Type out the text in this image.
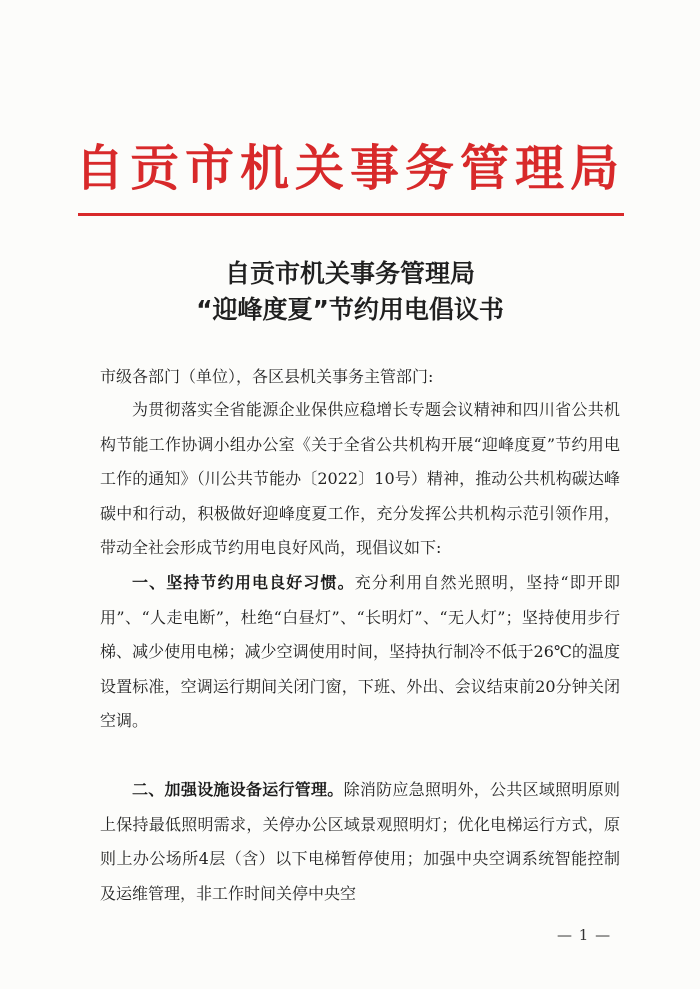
自贡市机关事务管理局
自贡市机关事务管理局
“迎峰度夏”节约用电倡议书
市级各部门（单位），各区县机关事务主管部门:
为贯彻落实全省能源企业保供应稳增长专题会议精神和四川省公共机构节能工作协调小组办公室《关于全省公共机构开展“迎峰度夏”节约用电工作的通知》（川公共节能办〔2022〕10号）精神，推动公共机构碳达峰碳中和行动，积极做好迎峰度夏工作，充分发挥公共机构示范引领作用，带动全社会形成节约用电良好风尚，现倡议如下:
一、坚持节约用电良好习惯。充分利用自然光照明，坚持“即开即用”、“人走电断”，杜绝“白昼灯”、“长明灯”、“无人灯”；坚持使用步行梯、减少使用电梯；减少空调使用时间，坚持执行制冷不低于26℃的温度设置标准，空调运行期间关闭门窗，下班、外出、会议结束前20分钟关闭空调。
二、加强设施设备运行管理。除消防应急照明外，公共区域照明原则上保持最低照明需求，关停办公区域景观照明灯；优化电梯运行方式，原则上办公场所4层（含）以下电梯暂停使用；加强中央空调系统智能控制及运维管理，非工作时间关停中央空
— 1 —
